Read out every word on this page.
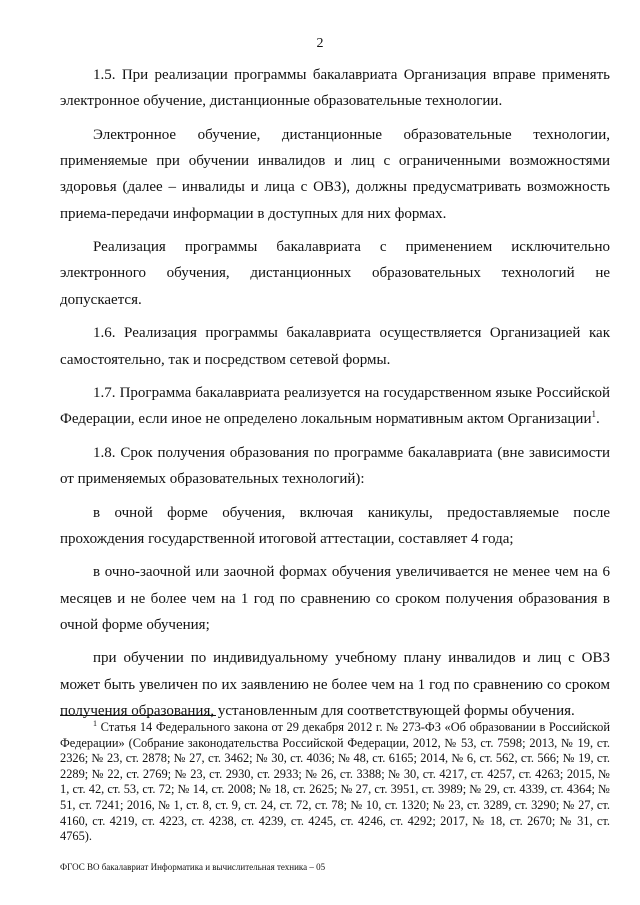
2

1.5. При реализации программы бакалавриата Организация вправе применять электронное обучение, дистанционные образовательные технологии.

Электронное обучение, дистанционные образовательные технологии, применяемые при обучении инвалидов и лиц с ограниченными возможностями здоровья (далее – инвалиды и лица с ОВЗ), должны предусматривать возможность приема-передачи информации в доступных для них формах.

Реализация программы бакалавриата с применением исключительно электронного обучения, дистанционных образовательных технологий не допускается.

1.6. Реализация программы бакалавриата осуществляется Организацией как самостоятельно, так и посредством сетевой формы.

1.7. Программа бакалавриата реализуется на государственном языке Российской Федерации, если иное не определено локальным нормативным актом Организации$^1$.

1.8. Срок получения образования по программе бакалавриата (вне зависимости от применяемых образовательных технологий):

в очной форме обучения, включая каникулы, предоставляемые после прохождения государственной итоговой аттестации, составляет 4 года;

в очно-заочной или заочной формах обучения увеличивается не менее чем на 6 месяцев и не более чем на 1 год по сравнению со сроком получения образования в очной форме обучения;

при обучении по индивидуальному учебному плану инвалидов и лиц с ОВЗ может быть увеличен по их заявлению не более чем на 1 год по сравнению со сроком получения образования, установленным для соответствующей формы обучения.

$^1$ Статья 14 Федерального закона от 29 декабря 2012 г. № 273-ФЗ «Об образовании в Российской Федерации» (Собрание законодательства Российской Федерации, 2012, № 53, ст. 7598; 2013, № 19, ст. 2326; № 23, ст. 2878; № 27, ст. 3462; № 30, ст. 4036; № 48, ст. 6165; 2014, № 6, ст. 562, ст. 566; № 19, ст. 2289; № 22, ст. 2769; № 23, ст. 2930, ст. 2933; № 26, ст. 3388; № 30, ст. 4217, ст. 4257, ст. 4263; 2015, № 1, ст. 42, ст. 53, ст. 72; № 14, ст. 2008; № 18, ст. 2625; № 27, ст. 3951, ст. 3989; № 29, ст. 4339, ст. 4364; № 51, ст. 7241; 2016, № 1, ст. 8, ст. 9, ст. 24, ст. 72, ст. 78; № 10, ст. 1320; № 23, ст. 3289, ст. 3290; № 27, ст. 4160, ст. 4219, ст. 4223, ст. 4238, ст. 4239, ст. 4245, ст. 4246, ст. 4292; 2017, № 18, ст. 2670; № 31, ст. 4765).

ФГОС ВО бакалавриат Информатика и вычислительная техника – 05
